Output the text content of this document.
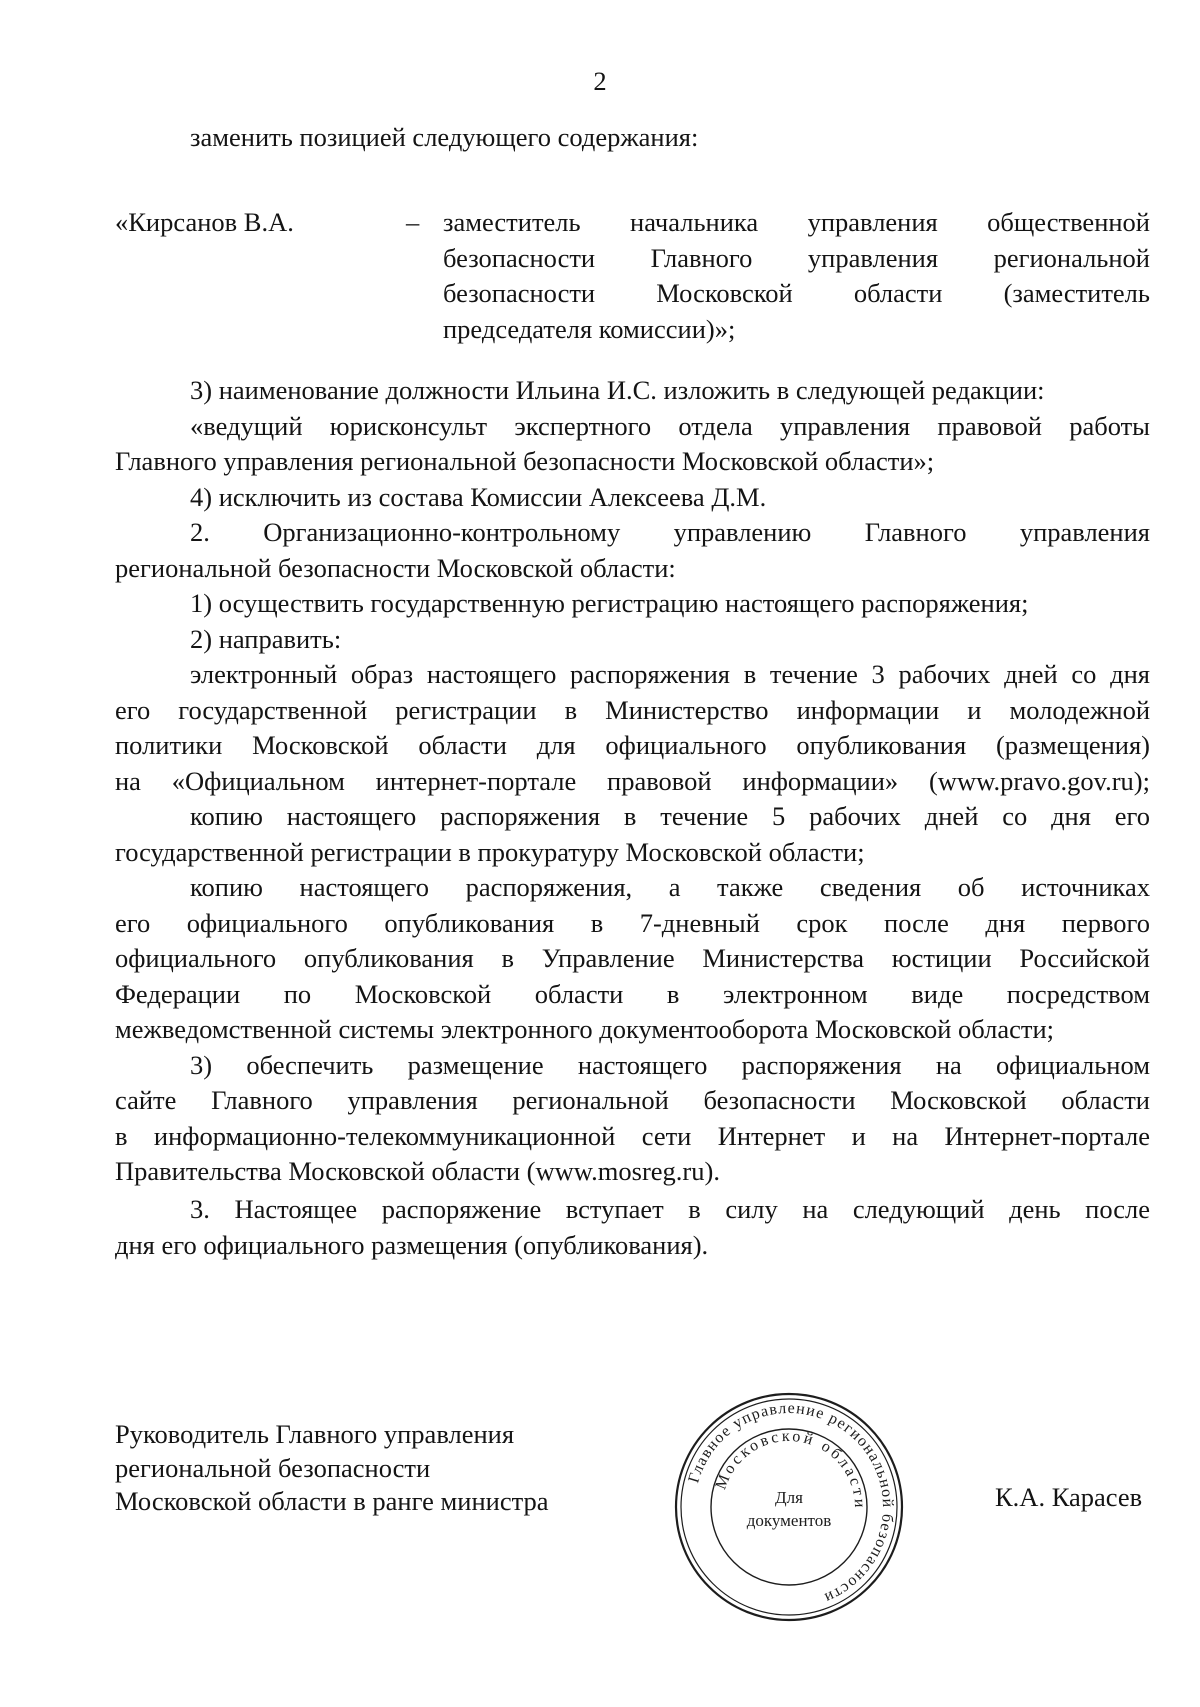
2

заменить позицией следующего содержания:

«Кирсанов В.А.	– заместитель начальника управления общественной
безопасности Главного управления региональной
безопасности Московской области (заместитель
председателя комиссии)»;

3) наименование должности Ильина И.С. изложить в следующей редакции:

«ведущий юрисконсульт экспертного отдела управления правовой работы

Главного управления региональной безопасности Московской области»;

4) исключить из состава Комиссии Алексеева Д.М.

2. Организационно-контрольному управлению Главного управления

региональной безопасности Московской области:

1) осуществить государственную регистрацию настоящего распоряжения;

2) направить:

электронный образ настоящего распоряжения в течение 3 рабочих дней со дня

его государственной регистрации в Министерство информации и молодежной

политики Московской области для официального опубликования (размещения)

на «Официальном интернет-портале правовой информации» (www.pravo.gov.ru);

копию настоящего распоряжения в течение 5 рабочих дней со дня его

государственной регистрации в прокуратуру Московской области;

копию настоящего распоряжения, а также сведения об источниках

его официального опубликования в 7-дневный срок после дня первого

официального опубликования в Управление Министерства юстиции Российской

Федерации по Московской области в электронном виде посредством

межведомственной системы электронного документооборота Московской области;

3) обеспечить размещение настоящего распоряжения на официальном

сайте Главного управления региональной безопасности Московской области

в информационно-телекоммуникационной сети Интернет и на Интернет-портале

Правительства Московской области (www.mosreg.ru).

3. Настоящее распоряжение вступает в силу на следующий день после

дня его официального размещения (опубликования).

Руководитель Главного управления
региональной безопасности
Московской области в ранге министра
Главное управление региональной безопасности
Московской области
Для
документов

К.А. Карасев
